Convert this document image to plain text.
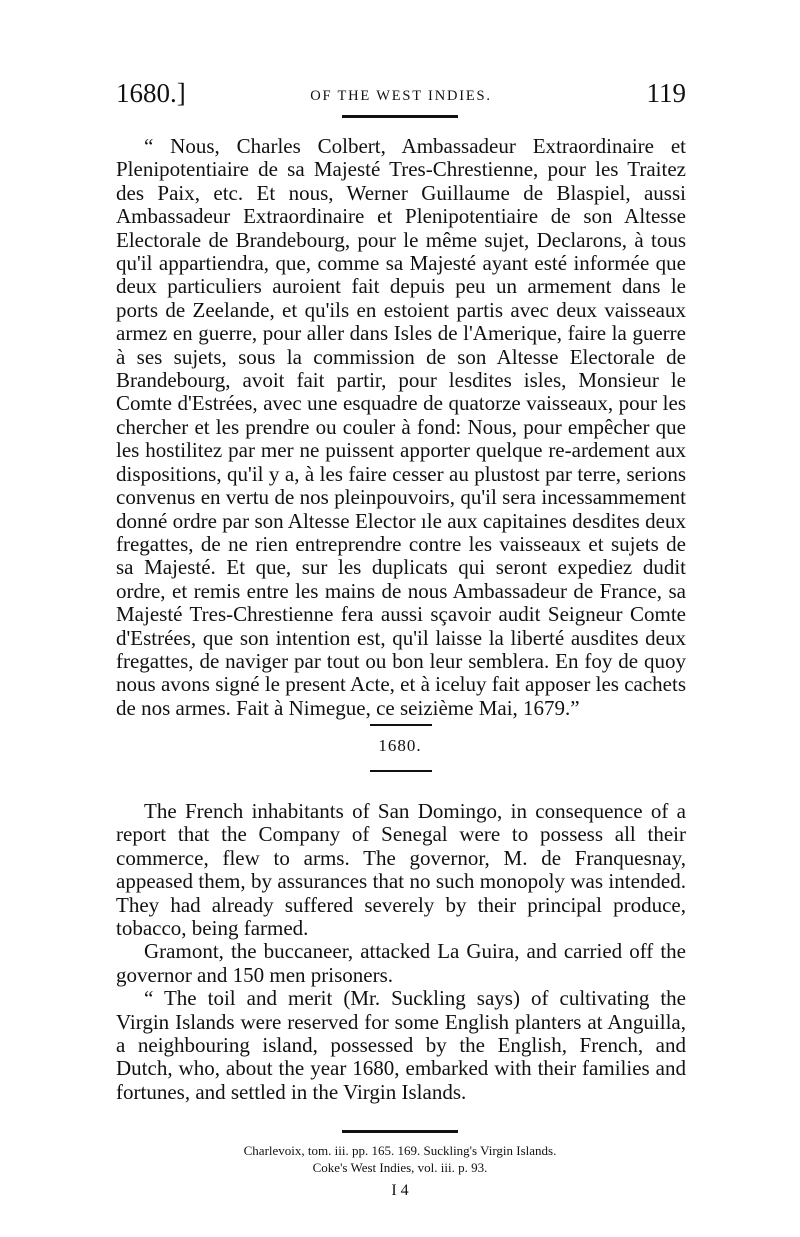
1680.]	OF THE WEST INDIES.	119

“ Nous, Charles Colbert, Ambassadeur Extraordinaire et Plenipotentiaire de sa Majesté Tres-Chrestienne, pour les Traitez des Paix, etc. Et nous, Werner Guillaume de Blaspiel, aussi Ambassadeur Extraordinaire et Plenipotentiaire de son Altesse Electorale de Brandebourg, pour le même sujet, Declarons, à tous qu'il appartiendra, que, comme sa Majesté ayant esté informée que deux particuliers auroient fait depuis peu un armement dans le ports de Zeelande, et qu'ils en estoient partis avec deux vaisseaux armez en guerre, pour aller dans Isles de l'Amerique, faire la guerre à ses sujets, sous la commission de son Altesse Electorale de Brandebourg, avoit fait partir, pour lesdites isles, Monsieur le Comte d'Estrées, avec une esquadre de quatorze vaisseaux, pour les chercher et les prendre ou couler à fond: Nous, pour empêcher que les hostilitez par mer ne puissent apporter quelque re-ardement aux dispositions, qu'il y a, à les faire cesser au plustost par terre, serions convenus en vertu de nos pleinpouvoirs, qu'il sera incessammement donné ordre par son Altesse Elector ıle aux capitaines desdites deux fregattes, de ne rien entreprendre contre les vaisseaux et sujets de sa Majesté. Et que, sur les duplicats qui seront expediez dudit ordre, et remis entre les mains de nous Ambassadeur de France, sa Majesté Tres-Chrestienne fera aussi sçavoir audit Seigneur Comte d'Estrées, que son intention est, qu'il laisse la liberté ausdites deux fregattes, de naviger par tout ou bon leur semblera. En foy de quoy nous avons signé le present Acte, et à iceluy fait apposer les cachets de nos armes. Fait à Nimegue, ce seizième Mai, 1679.”

1680.

The French inhabitants of San Domingo, in consequence of a report that the Company of Senegal were to possess all their commerce, flew to arms. The governor, M. de Franquesnay, appeased them, by assurances that no such monopoly was intended. They had already suffered severely by their principal produce, tobacco, being farmed.

Gramont, the buccaneer, attacked La Guira, and carried off the governor and 150 men prisoners.

“ The toil and merit (Mr. Suckling says) of cultivating the Virgin Islands were reserved for some English planters at Anguilla, a neighbouring island, possessed by the English, French, and Dutch, who, about the year 1680, embarked with their families and fortunes, and settled in the Virgin Islands.

Charlevoix, tom. iii. pp. 165. 169. Suckling's Virgin Islands.
Coke's West Indies, vol. iii. p. 93.
I 4
